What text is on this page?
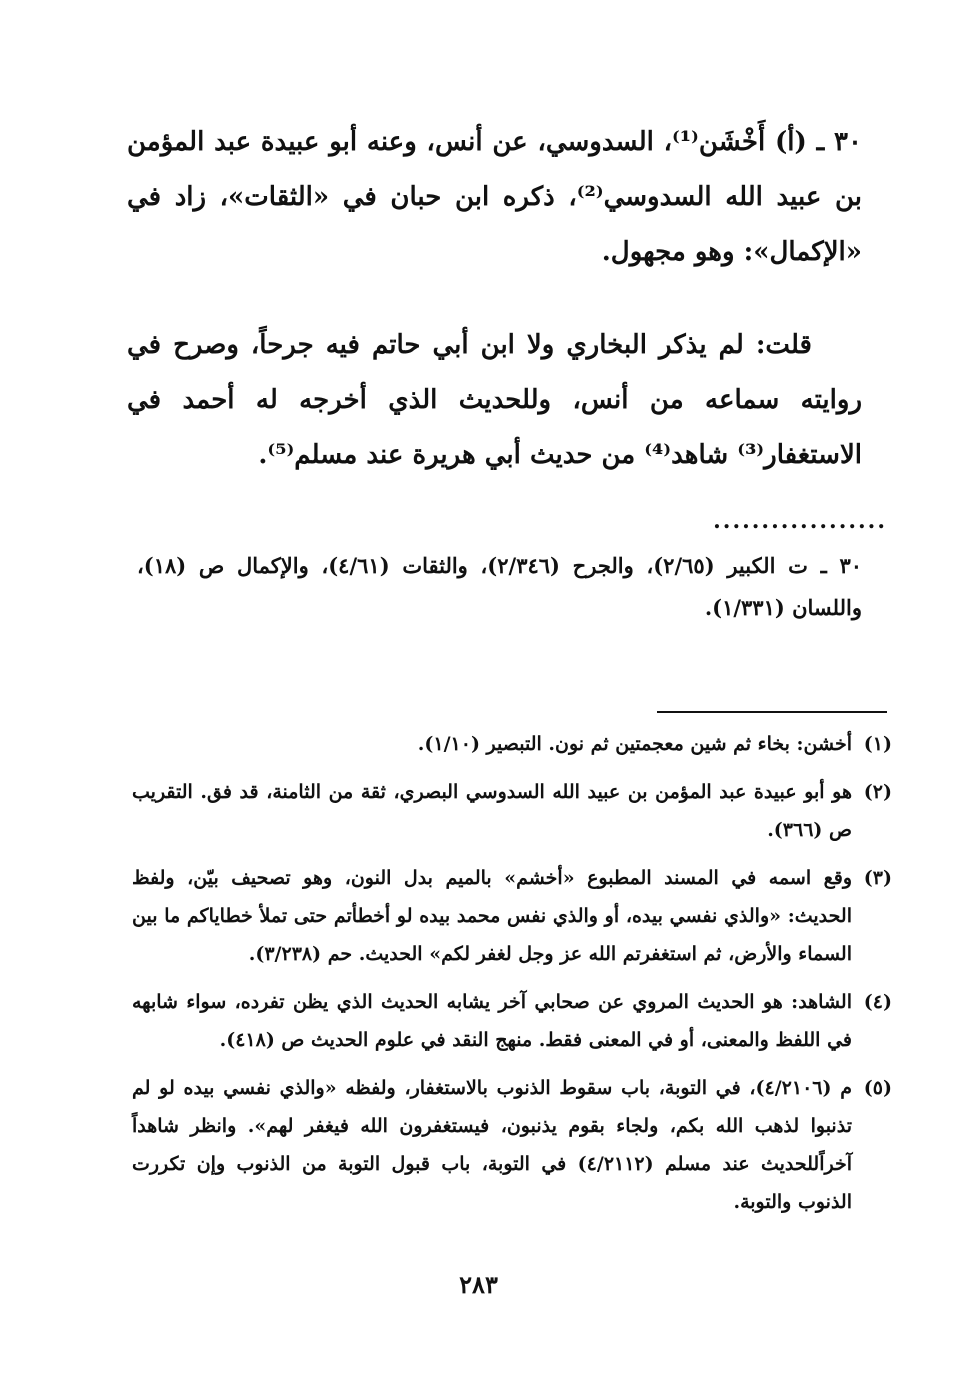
٣٠ ـ (أ) أَخْشَن⁽¹⁾، السدوسي، عن أنس، وعنه أبو عبيدة عبد المؤمن بن عبيد الله السدوسي⁽²⁾، ذكره ابن حبان في «الثقات»، زاد في «الإكمال»: وهو مجهول.

قلت: لم يذكر البخاري ولا ابن أبي حاتم فيه جرحاً، وصرح في روايته سماعه من أنس، وللحديث الذي أخرجه له أحمد في الاستغفار⁽³⁾ شاهد⁽⁴⁾ من حديث أبي هريرة عند مسلم⁽⁵⁾.

..................

٣٠ ـ ت الكبير (٢/٦٥)، والجرح (٢/٣٤٦)، والثقات (٤/٦١)، والإكمال ص (١٨)، واللسان (١/٣٣١).

(١)
أخشن: بخاء ثم شين معجمتين ثم نون. التبصير (١/١٠).
(٢)
هو أبو عبيدة عبد المؤمن بن عبيد الله السدوسي البصري، ثقة من الثامنة، قد فق. التقريب ص (٣٦٦).
(٣)
وقع اسمه في المسند المطبوع «أخشم» بالميم بدل النون، وهو تصحيف بيّن، ولفظ الحديث: «والذي نفسي بيده، أو والذي نفس محمد بيده لو أخطأتم حتى تملأ خطاياكم ما بين السماء والأرض، ثم استغفرتم الله عز وجل لغفر لكم» الحديث. حم (٣/٢٣٨).
(٤)
الشاهد: هو الحديث المروي عن صحابي آخر يشابه الحديث الذي يظن تفرده، سواء شابهه في اللفظ والمعنى، أو في المعنى فقط. منهج النقد في علوم الحديث ص (٤١٨).
(٥)
م (٤/٢١٠٦)، في التوبة، باب سقوط الذنوب بالاستغفار، ولفظه «والذي نفسي بيده لو لم تذنبوا لذهب الله بكم، ولجاء بقوم يذنبون، فيستغفرون الله فيغفر لهم». وانظر شاهداً آخراًللحديث عند مسلم (٤/٢١١٢) في التوبة، باب قبول التوبة من الذنوب وإن تكررت الذنوب والتوبة.
٢٨٣
